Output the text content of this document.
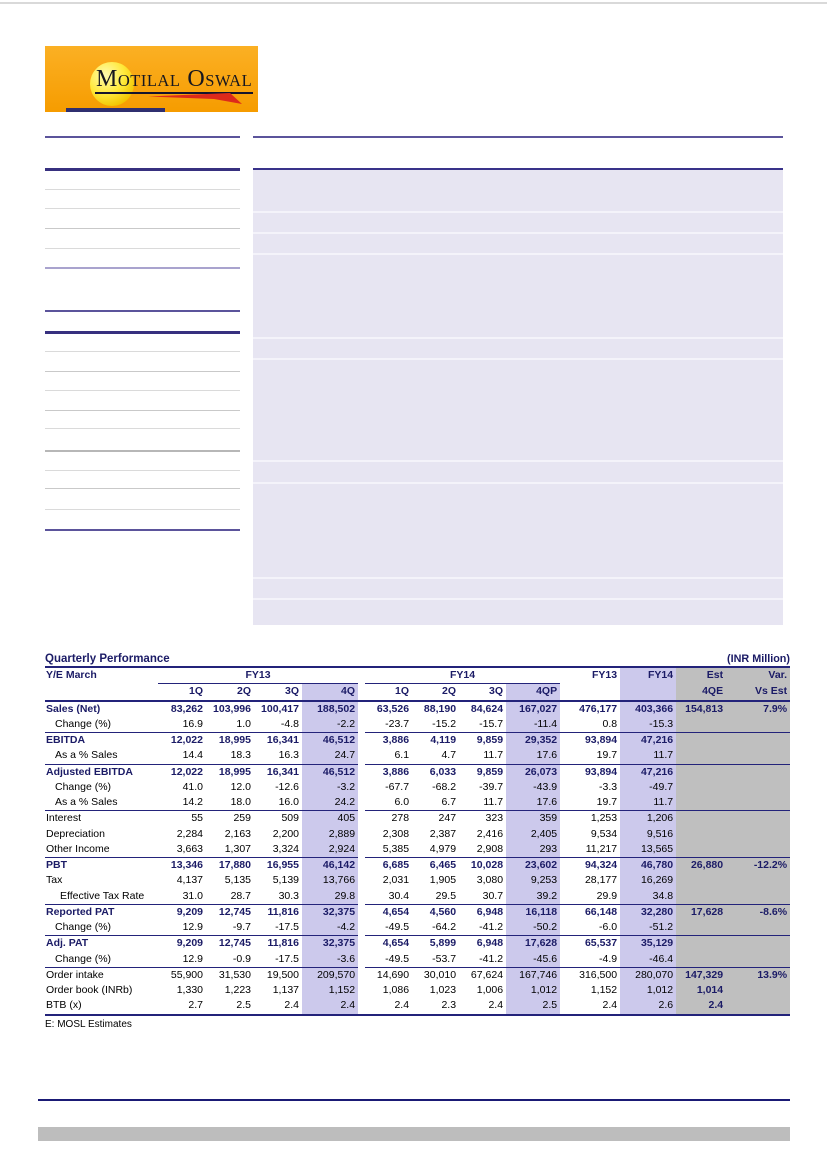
MOTILAL OSWAL
Quarterly Performance	(INR Million)
Y/E March	FY13					FY14				FY13	FY14	Est	Var.
	1Q	2Q	3Q	4Q		1Q	2Q	3Q	4QP			4QE	Vs Est
Sales (Net)	83,262	103,996	100,417	188,502		63,526	88,190	84,624	167,027	476,177	403,366	154,813	7.9%
Change (%)	16.9	1.0	-4.8	-2.2		-23.7	-15.2	-15.7	-11.4	0.8	-15.3		
EBITDA	12,022	18,995	16,341	46,512		3,886	4,119	9,859	29,352	93,894	47,216		
As a % Sales	14.4	18.3	16.3	24.7		6.1	4.7	11.7	17.6	19.7	11.7		
Adjusted EBITDA	12,022	18,995	16,341	46,512		3,886	6,033	9,859	26,073	93,894	47,216		
Change (%)	41.0	12.0	-12.6	-3.2		-67.7	-68.2	-39.7	-43.9	-3.3	-49.7		
As a % Sales	14.2	18.0	16.0	24.2		6.0	6.7	11.7	17.6	19.7	11.7		
Interest	55	259	509	405		278	247	323	359	1,253	1,206		
Depreciation	2,284	2,163	2,200	2,889		2,308	2,387	2,416	2,405	9,534	9,516		
Other Income	3,663	1,307	3,324	2,924		5,385	4,979	2,908	293	11,217	13,565		
PBT	13,346	17,880	16,955	46,142		6,685	6,465	10,028	23,602	94,324	46,780	26,880	-12.2%
Tax	4,137	5,135	5,139	13,766		2,031	1,905	3,080	9,253	28,177	16,269		
Effective Tax Rate	31.0	28.7	30.3	29.8		30.4	29.5	30.7	39.2	29.9	34.8		
Reported PAT	9,209	12,745	11,816	32,375		4,654	4,560	6,948	16,118	66,148	32,280	17,628	-8.6%
Change (%)	12.9	-9.7	-17.5	-4.2		-49.5	-64.2	-41.2	-50.2	-6.0	-51.2		
Adj. PAT	9,209	12,745	11,816	32,375		4,654	5,899	6,948	17,628	65,537	35,129		
Change (%)	12.9	-0.9	-17.5	-3.6		-49.5	-53.7	-41.2	-45.6	-4.9	-46.4		
Order intake	55,900	31,530	19,500	209,570		14,690	30,010	67,624	167,746	316,500	280,070	147,329	13.9%
Order book (INRb)	1,330	1,223	1,137	1,152		1,086	1,023	1,006	1,012	1,152	1,012	1,014	
BTB (x)	2.7	2.5	2.4	2.4		2.4	2.3	2.4	2.5	2.4	2.6	2.4	
E: MOSL Estimates
